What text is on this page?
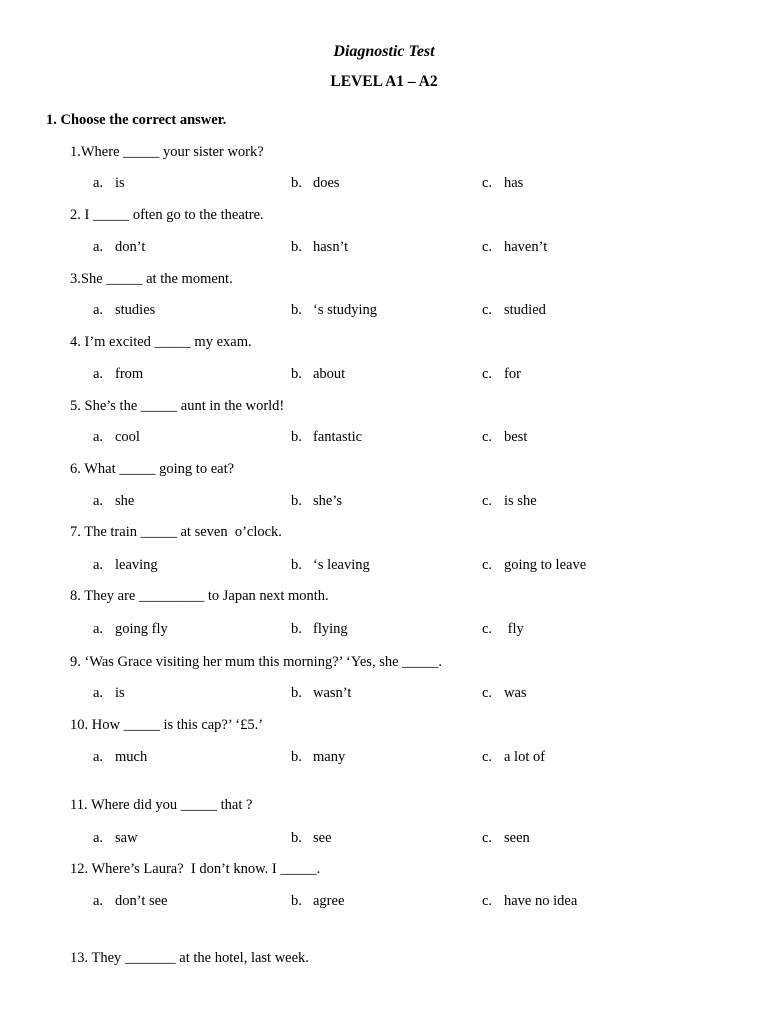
Diagnostic Test
LEVEL A1 – A2
1. Choose the correct answer.
1.Where _____ your sister work?
a. is	b. does	c. has
2. I _____ often go to the theatre.
a. don’t	b. hasn’t	c. haven’t
3.She _____ at the moment.
a. studies	b. ‘s studying	c. studied
4. I’m excited _____ my exam.
a. from	b. about	c. for
5. She’s the _____ aunt in the world!
a. cool	b. fantastic	c. best
6. What _____ going to eat?
a. she	b. she’s	c. is she
7. The train _____ at seven  o’clock.
a. leaving	b. ‘s leaving	c. going to leave
8. They are _________ to Japan next month.
a. going fly	b. flying	c. fly
9. ‘Was Grace visiting her mum this morning?’ ‘Yes, she _____.
a. is	b. wasn’t	c. was
10. How _____ is this cap?’ ‘£5.’
a. much	b. many	c. a lot of
11. Where did you _____ that ?
a. saw	b. see	c. seen
12. Where’s Laura?  I don’t know. I _____.
a. don’t see	b. agree	c. have no idea
13. They _______ at the hotel, last week.
